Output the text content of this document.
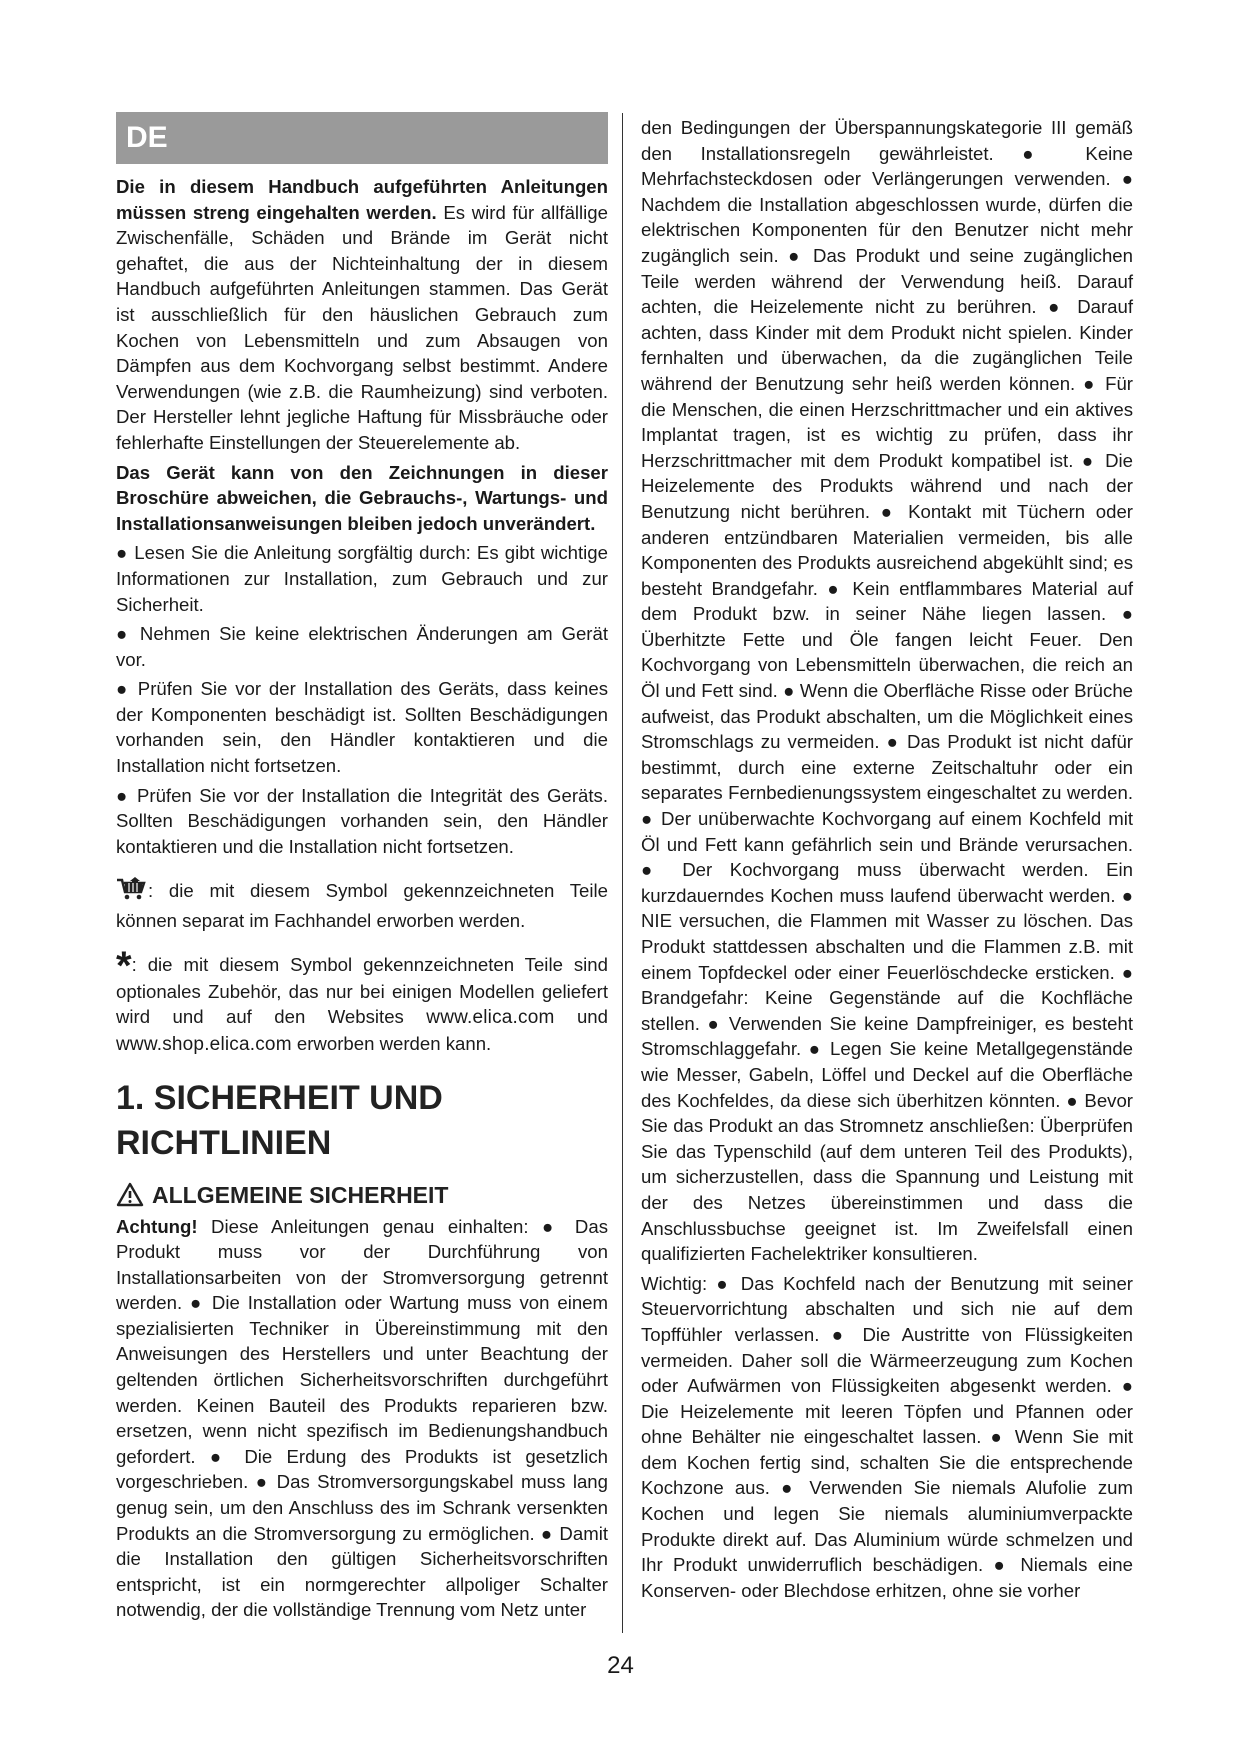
DE

Die in diesem Handbuch aufgeführten Anleitungen müssen streng eingehalten werden. Es wird für allfällige Zwischenfälle, Schäden und Brände im Gerät nicht gehaftet, die aus der Nichteinhaltung der in diesem Handbuch aufgeführten Anleitungen stammen. Das Gerät ist ausschließlich für den häuslichen Gebrauch zum Kochen von Lebensmitteln und zum Absaugen von Dämpfen aus dem Kochvorgang selbst bestimmt. Andere Verwendungen (wie z.B. die Raumheizung) sind verboten. Der Hersteller lehnt jegliche Haftung für Missbräuche oder fehlerhafte Einstellungen der Steuerelemente ab.

Das Gerät kann von den Zeichnungen in dieser Broschüre abweichen, die Gebrauchs-, Wartungs- und Installationsanweisungen bleiben jedoch unverändert.

● Lesen Sie die Anleitung sorgfältig durch: Es gibt wichtige Informationen zur Installation, zum Gebrauch und zur Sicherheit.

● Nehmen Sie keine elektrischen Änderungen am Gerät vor.

● Prüfen Sie vor der Installation des Geräts, dass keines der Komponenten beschädigt ist. Sollten Beschädigungen vorhanden sein, den Händler kontaktieren und die Installation nicht fortsetzen.

● Prüfen Sie vor der Installation die Integrität des Geräts. Sollten Beschädigungen vorhanden sein, den Händler kontaktieren und die Installation nicht fortsetzen.

: die mit diesem Symbol gekennzeichneten Teile können separat im Fachhandel erworben werden.

*: die mit diesem Symbol gekennzeichneten Teile sind optionales Zubehör, das nur bei einigen Modellen geliefert wird und auf den Websites www.elica.com und www.shop.elica.com erworben werden kann.

1. SICHERHEIT UND RICHTLINIEN
ALLGEMEINE SICHERHEIT

Achtung! Diese Anleitungen genau einhalten: ● Das Produkt muss vor der Durchführung von Installationsarbeiten von der Stromversorgung getrennt werden. ● Die Installation oder Wartung muss von einem spezialisierten Techniker in Übereinstimmung mit den Anweisungen des Herstellers und unter Beachtung der geltenden örtlichen Sicherheitsvorschriften durchgeführt werden. Keinen Bauteil des Produkts reparieren bzw. ersetzen, wenn nicht spezifisch im Bedienungshandbuch gefordert. ● Die Erdung des Produkts ist gesetzlich vorgeschrieben. ● Das Stromversorgungskabel muss lang genug sein, um den Anschluss des im Schrank versenkten Produkts an die Stromversorgung zu ermöglichen. ● Damit die Installation den gültigen Sicherheitsvorschriften entspricht, ist ein normgerechter allpoliger Schalter notwendig, der die vollständige Trennung vom Netz unter

den Bedingungen der Überspannungskategorie III gemäß den Installationsregeln gewährleistet. ● Keine Mehrfachsteckdosen oder Verlängerungen verwenden. ● Nachdem die Installation abgeschlossen wurde, dürfen die elektrischen Komponenten für den Benutzer nicht mehr zugänglich sein. ● Das Produkt und seine zugänglichen Teile werden während der Verwendung heiß. Darauf achten, die Heizelemente nicht zu berühren. ● Darauf achten, dass Kinder mit dem Produkt nicht spielen. Kinder fernhalten und überwachen, da die zugänglichen Teile während der Benutzung sehr heiß werden können. ● Für die Menschen, die einen Herzschrittmacher und ein aktives Implantat tragen, ist es wichtig zu prüfen, dass ihr Herzschrittmacher mit dem Produkt kompatibel ist. ● Die Heizelemente des Produkts während und nach der Benutzung nicht berühren. ● Kontakt mit Tüchern oder anderen entzündbaren Materialien vermeiden, bis alle Komponenten des Produkts ausreichend abgekühlt sind; es besteht Brandgefahr. ● Kein entflammbares Material auf dem Produkt bzw. in seiner Nähe liegen lassen. ● Überhitzte Fette und Öle fangen leicht Feuer. Den Kochvorgang von Lebensmitteln überwachen, die reich an Öl und Fett sind. ● Wenn die Oberfläche Risse oder Brüche aufweist, das Produkt abschalten, um die Möglichkeit eines Stromschlags zu vermeiden. ● Das Produkt ist nicht dafür bestimmt, durch eine externe Zeitschaltuhr oder ein separates Fernbedienungssystem eingeschaltet zu werden. ● Der unüberwachte Kochvorgang auf einem Kochfeld mit Öl und Fett kann gefährlich sein und Brände verursachen. ● Der Kochvorgang muss überwacht werden. Ein kurzdauerndes Kochen muss laufend überwacht werden. ● NIE versuchen, die Flammen mit Wasser zu löschen. Das Produkt stattdessen abschalten und die Flammen z.B. mit einem Topfdeckel oder einer Feuerlöschdecke ersticken. ● Brandgefahr: Keine Gegenstände auf die Kochfläche stellen. ● Verwenden Sie keine Dampfreiniger, es besteht Stromschlaggefahr. ● Legen Sie keine Metallgegenstände wie Messer, Gabeln, Löffel und Deckel auf die Oberfläche des Kochfeldes, da diese sich überhitzen könnten. ● Bevor Sie das Produkt an das Stromnetz anschließen: Überprüfen Sie das Typenschild (auf dem unteren Teil des Produkts), um sicherzustellen, dass die Spannung und Leistung mit der des Netzes übereinstimmen und dass die Anschlussbuchse geeignet ist. Im Zweifelsfall einen qualifizierten Fachelektriker konsultieren.

Wichtig: ● Das Kochfeld nach der Benutzung mit seiner Steuervorrichtung abschalten und sich nie auf dem Topffühler verlassen. ● Die Austritte von Flüssigkeiten vermeiden. Daher soll die Wärmeerzeugung zum Kochen oder Aufwärmen von Flüssigkeiten abgesenkt werden. ● Die Heizelemente mit leeren Töpfen und Pfannen oder ohne Behälter nie eingeschaltet lassen. ● Wenn Sie mit dem Kochen fertig sind, schalten Sie die entsprechende Kochzone aus. ● Verwenden Sie niemals Alufolie zum Kochen und legen Sie niemals aluminiumverpackte Produkte direkt auf. Das Aluminium würde schmelzen und Ihr Produkt unwiderruflich beschädigen. ● Niemals eine Konserven- oder Blechdose erhitzen, ohne sie vorher

24
